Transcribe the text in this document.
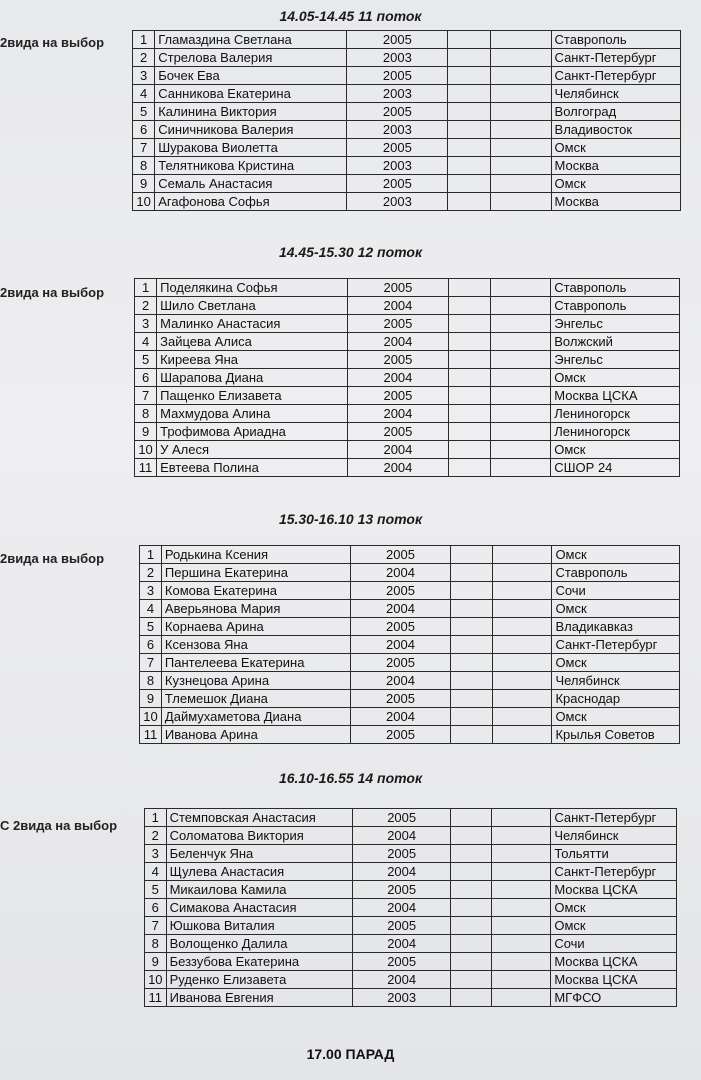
14.05-14.45 11 поток
2вида на выбор	1	Гламаздина Светлана	2005			Ставрополь
2	Стрелова Валерия	2003			Санкт-Петербург
3	Бочек Ева	2005			Санкт-Петербург
4	Санникова Екатерина	2003			Челябинск
5	Калинина Виктория	2005			Волгоград
6	Синичникова Валерия	2003			Владивосток
7	Шуракова Виолетта	2005			Омск
8	Телятникова Кристина	2003			Москва
9	Семаль Анастасия	2005			Омск
10	Агафонова Софья	2003			Москва
14.45-15.30 12 поток
2вида на выбор	1	Поделякина Софья	2005			Ставрополь
2	Шило Светлана	2004			Ставрополь
3	Малинко Анастасия	2005			Энгельс
4	Зайцева Алиса	2004			Волжский
5	Киреева Яна	2005			Энгельс
6	Шарапова Диана	2004			Омск
7	Пащенко Елизавета	2005			Москва ЦСКА
8	Махмудова Алина	2004			Лениногорск
9	Трофимова Ариадна	2005			Лениногорск
10	У Алеся	2004			Омск
11	Евтеева Полина	2004			СШОР 24
15.30-16.10 13 поток
2вида на выбор	1	Родькина Ксения	2005			Омск
2	Першина Екатерина	2004			Ставрополь
3	Комова Екатерина	2005			Сочи
4	Аверьянова Мария	2004			Омск
5	Корнаева Арина	2005			Владикавказ
6	Ксензова Яна	2004			Санкт-Петербург
7	Пантелеева Екатерина	2005			Омск
8	Кузнецова Арина	2004			Челябинск
9	Тлемешок Диана	2005			Краснодар
10	Даймухаметова Диана	2004			Омск
11	Иванова Арина	2005			Крылья Советов
16.10-16.55 14 поток
С 2вида на выбор
1	Стемповская Анастасия	2005			Санкт-Петербург
2	Соломатова Виктория	2004			Челябинск
3	Беленчук Яна	2005			Тольятти
4	Щулева Анастасия	2004			Санкт-Петербург
5	Микаилова Камила	2005			Москва ЦСКА
6	Симакова Анастасия	2004			Омск
7	Юшкова Виталия	2005			Омск
8	Волощенко Далила	2004			Сочи
9	Беззубова Екатерина	2005			Москва ЦСКА
10	Руденко Елизавета	2004			Москва ЦСКА
11	Иванова Евгения	2003			МГФСО
17.00 ПАРАД
